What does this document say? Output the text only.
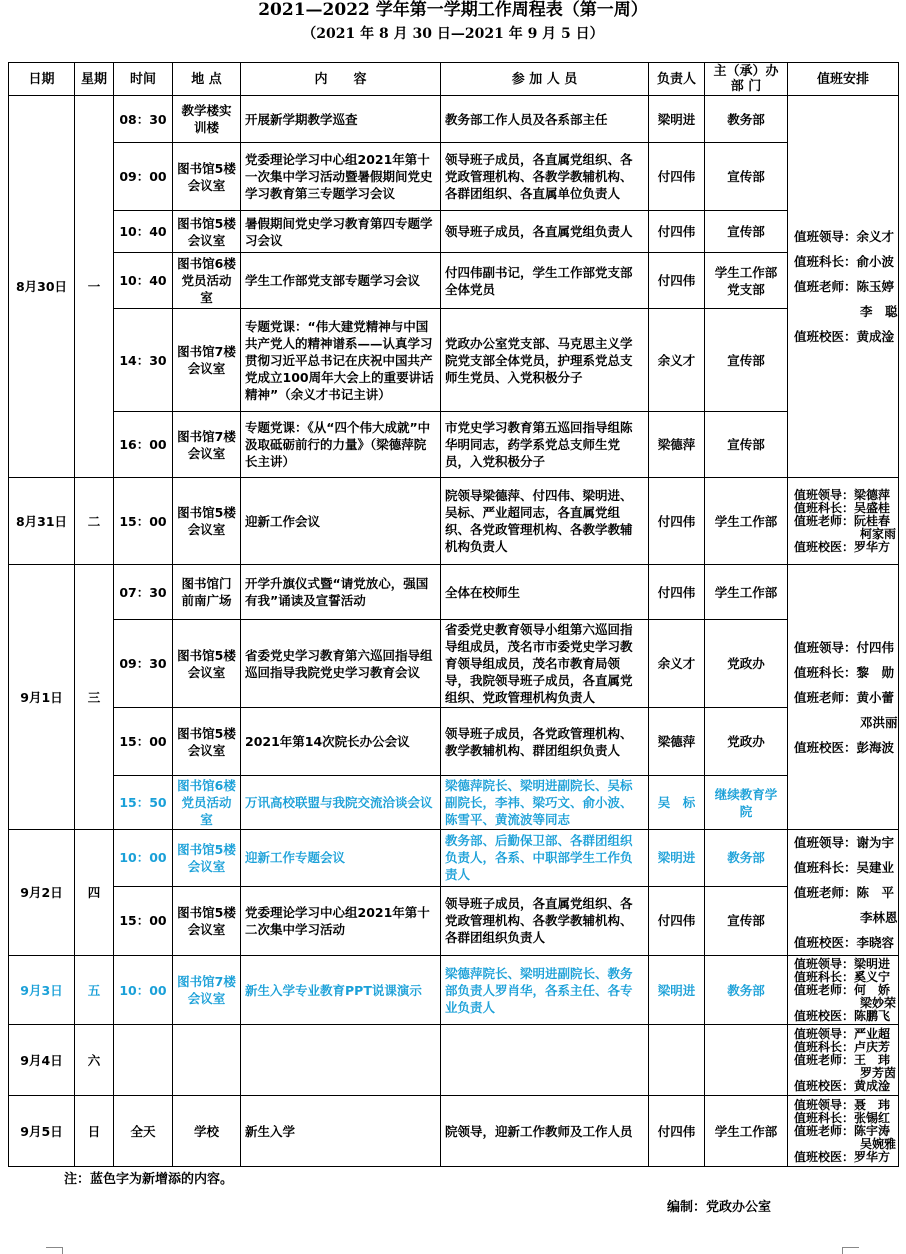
2021—2022 学年第一学期工作周程表（第一周）
（2021 年 8 月 30 日—2021 年 9 月 5 日）
日期	星期	时间	地 点	内　　容	参 加 人 员	负责人	主（承）办部 门	值班安排
8月30日	一	08：30	教学楼实训楼	开展新学期教学巡查	教务部工作人员及各系部主任	梁明进	教务部	值班领导：余义才
值班科长：俞小波
值班老师：陈玉婷
李　聪
值班校医：黄成淦

		09：00	图书馆5楼会议室	党委理论学习中心组2021年第十一次集中学习活动暨暑假期间党史学习教育第三专题学习会议	领导班子成员，各直属党组织、各党政管理机构、各教学教辅机构、各群团组织、各直属单位负责人	付四伟	宣传部	
		10：40	图书馆5楼会议室	暑假期间党史学习教育第四专题学习会议	领导班子成员，各直属党组负责人	付四伟	宣传部	
		10：40	图书馆6楼党员活动室	学生工作部党支部专题学习会议	付四伟副书记，学生工作部党支部全体党员	付四伟	学生工作部党支部	
		14：30	图书馆7楼会议室	专题党课：“伟大建党精神与中国共产党人的精神谱系——认真学习贯彻习近平总书记在庆祝中国共产党成立100周年大会上的重要讲话精神”（余义才书记主讲）	党政办公室党支部、马克思主义学院党支部全体党员，护理系党总支师生党员、入党积极分子	余义才	宣传部	
		16：00	图书馆7楼会议室	专题党课：《从“四个伟大成就”中汲取砥砺前行的力量》（梁德萍院长主讲）	市党史学习教育第五巡回指导组陈华明同志，药学系党总支师生党员，入党积极分子	梁德萍	宣传部	
8月31日	二	15：00	图书馆5楼会议室	迎新工作会议	院领导梁德萍、付四伟、梁明进、吴标、严业超同志，各直属党组织、各党政管理机构、各教学教辅机构负责人	付四伟	学生工作部	值班领导：梁德萍
值班科长：吴盛桂
值班老师：阮桂春
柯家雨
值班校医：罗华方

9月1日	三	07：30	图书馆门前南广场	开学升旗仪式暨“请党放心，强国有我”诵读及宣誓活动	全体在校师生	付四伟	学生工作部	值班领导：付四伟
值班科长：黎　勋
值班老师：黄小蕾
邓洪丽
值班校医：彭海波

		09：30	图书馆5楼会议室	省委党史学习教育第六巡回指导组巡回指导我院党史学习教育会议	省委党史教育领导小组第六巡回指导组成员，茂名市市委党史学习教育领导组成员，茂名市教育局领导，我院领导班子成员，各直属党组织、党政管理机构负责人	余义才	党政办	
		15：00	图书馆5楼会议室	2021年第14次院长办公会议	领导班子成员，各党政管理机构、教学教辅机构、群团组织负责人	梁德萍	党政办	
		15：50	图书馆6楼党员活动室	万讯高校联盟与我院交流洽谈会议	梁德萍院长、梁明进副院长、吴标副院长，李祎、梁巧文、俞小波、陈雪平、黄流波等同志	吴　标	继续教育学院	
9月2日	四	10：00	图书馆5楼会议室	迎新工作专题会议	教务部、后勤保卫部、各群团组织负责人，各系、中职部学生工作负责人	梁明进	教务部	值班领导：谢为宇
值班科长：吴建业
值班老师：陈　平
李林恩
值班校医：李晓容

		15：00	图书馆5楼会议室	党委理论学习中心组2021年第十二次集中学习活动	领导班子成员，各直属党组织、各党政管理机构、各教学教辅机构、各群团组织负责人	付四伟	宣传部	
9月3日	五	10：00	图书馆7楼会议室	新生入学专业教育PPT说课演示	梁德萍院长、梁明进副院长、教务部负责人罗肖华，各系主任、各专业负责人	梁明进	教务部	值班领导：梁明进
值班科长：奚义宁
值班老师：何　娇
梁妙荣
值班校医：陈鹏飞

9月4日	六							值班领导：严业超
值班科长：卢庆芳
值班老师：王　玮
罗芳茵
值班校医：黄成淦

9月5日	日	全天	学校	新生入学	院领导，迎新工作教师及工作人员	付四伟	学生工作部	值班领导：聂　玮
值班科长：张锡红
值班老师：陈宇涛
吴婉雅
值班校医：罗华方
注：蓝色字为新增添的内容。
编制：党政办公室
